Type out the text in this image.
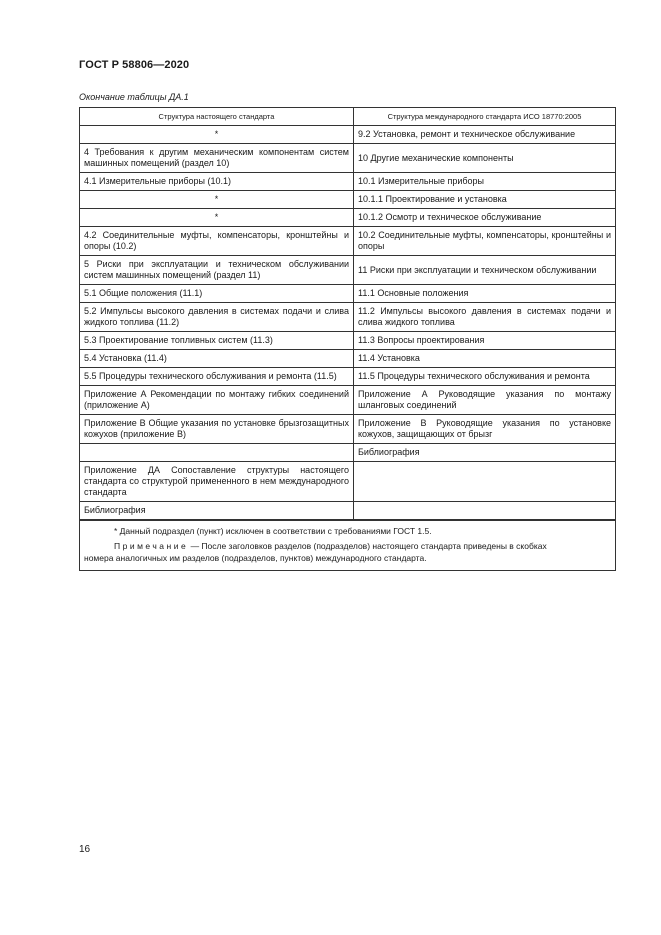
ГОСТ Р 58806—2020
Окончание таблицы ДА.1
Структура настоящего стандарта	Структура международного стандарта ИСО 18770:2005
*	9.2 Установка, ремонт и техническое обслуживание
4 Требования к другим механическим компонентам систем машинных помещений (раздел 10)	10 Другие механические компоненты
4.1 Измерительные приборы (10.1)	10.1 Измерительные приборы
*	10.1.1 Проектирование и установка
*	10.1.2 Осмотр и техническое обслуживание
4.2 Соединительные муфты, компенсаторы, кронштейны и опоры (10.2)	10.2 Соединительные муфты, компенсаторы, кронштейны и опоры
5 Риски при эксплуатации и техническом обслуживании систем машинных помещений (раздел 11)	11 Риски при эксплуатации и техническом обслуживании
5.1 Общие положения (11.1)	11.1 Основные положения
5.2 Импульсы высокого давления в системах подачи и слива жидкого топлива (11.2)	11.2 Импульсы высокого давления в системах подачи и слива жидкого топлива
5.3 Проектирование топливных систем (11.3)	11.3 Вопросы проектирования
5.4 Установка (11.4)	11.4 Установка
5.5 Процедуры технического обслуживания и ремонта (11.5)	11.5 Процедуры технического обслуживания и ремонта
Приложение А Рекомендации по монтажу гибких соединений (приложение А)	Приложение А Руководящие указания по монтажу шланговых соединений
Приложение В Общие указания по установке брызгозащитных кожухов (приложение В)	Приложение В Руководящие указания по установке кожухов, защищающих от брызг
	Библиография
Приложение ДА Сопоставление структуры настоящего стандарта со структурой примененного в нем международного стандарта	
Библиография	

* Данный подраздел (пункт) исключен в соответствии с требованиями ГОСТ 1.5.
Примечание — После заголовков разделов (подразделов) настоящего стандарта приведены в скобках
номера аналогичных им разделов (подразделов, пунктов) международного стандарта.	
16
